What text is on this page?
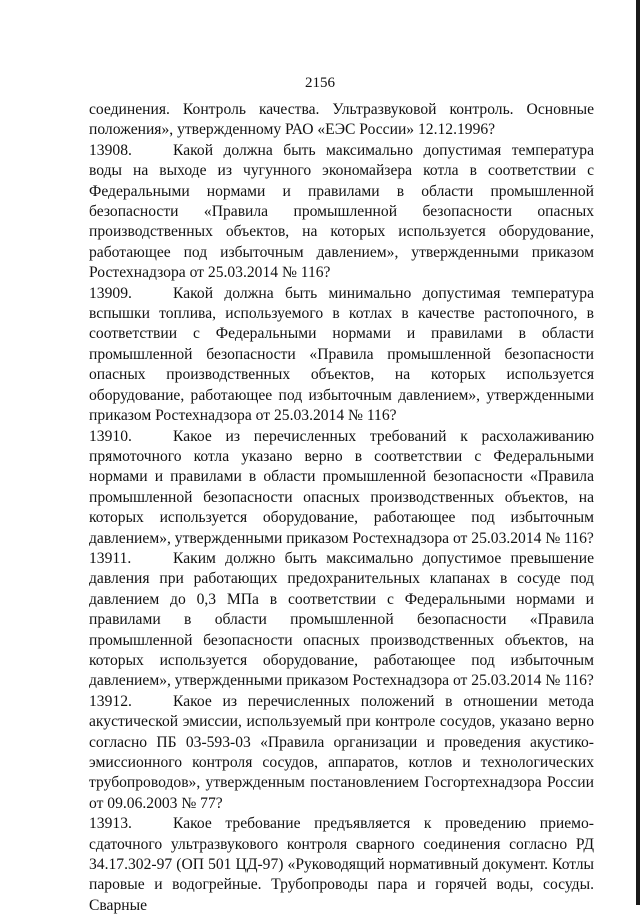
2156

соединения. Контроль качества. Ультразвуковой контроль. Основные положения», утвержденному РАО «ЕЭС России» 12.12.1996?

13908.	Какой должна быть максимально допустимая температура воды на выходе из чугунного экономайзера котла в соответствии с Федеральными нормами и правилами в области промышленной безопасности «Правила промышленной безопасности опасных производственных объектов, на которых используется оборудование, работающее под избыточным давлением», утвержденными приказом Ростехнадзора от 25.03.2014 № 116?

13909.	Какой должна быть минимально допустимая температура вспышки топлива, используемого в котлах в качестве растопочного, в соответствии с Федеральными нормами и правилами в области промышленной безопасности «Правила промышленной безопасности опасных производственных объектов, на которых используется оборудование, работающее под избыточным давлением», утвержденными приказом Ростехнадзора от 25.03.2014 № 116?

13910.	Какое из перечисленных требований к расхолаживанию прямоточного котла указано верно в соответствии с Федеральными нормами и правилами в области промышленной безопасности «Правила промышленной безопасности опасных производственных объектов, на которых используется оборудование, работающее под избыточным давлением», утвержденными приказом Ростехнадзора от 25.03.2014 № 116?

13911.	Каким должно быть максимально допустимое превышение давления при работающих предохранительных клапанах в сосуде под давлением до 0,3 МПа в соответствии с Федеральными нормами и правилами в области промышленной безопасности «Правила промышленной безопасности опасных производственных объектов, на которых используется оборудование, работающее под избыточным давлением», утвержденными приказом Ростехнадзора от 25.03.2014 № 116?

13912.	Какое из перечисленных положений в отношении метода акустической эмиссии, используемый при контроле сосудов, указано верно согласно ПБ 03-593-03 «Правила организации и проведения акустико-эмиссионного контроля сосудов, аппаратов, котлов и технологических трубопроводов», утвержденным постановлением Госгортехнадзора России от 09.06.2003 № 77?

13913.	Какое требование предъявляется к проведению приемо-сдаточного ультразвукового контроля сварного соединения согласно РД 34.17.302-97 (ОП 501 ЦД-97) «Руководящий нормативный документ. Котлы паровые и водогрейные. Трубопроводы пара и горячей воды, сосуды. Сварные
